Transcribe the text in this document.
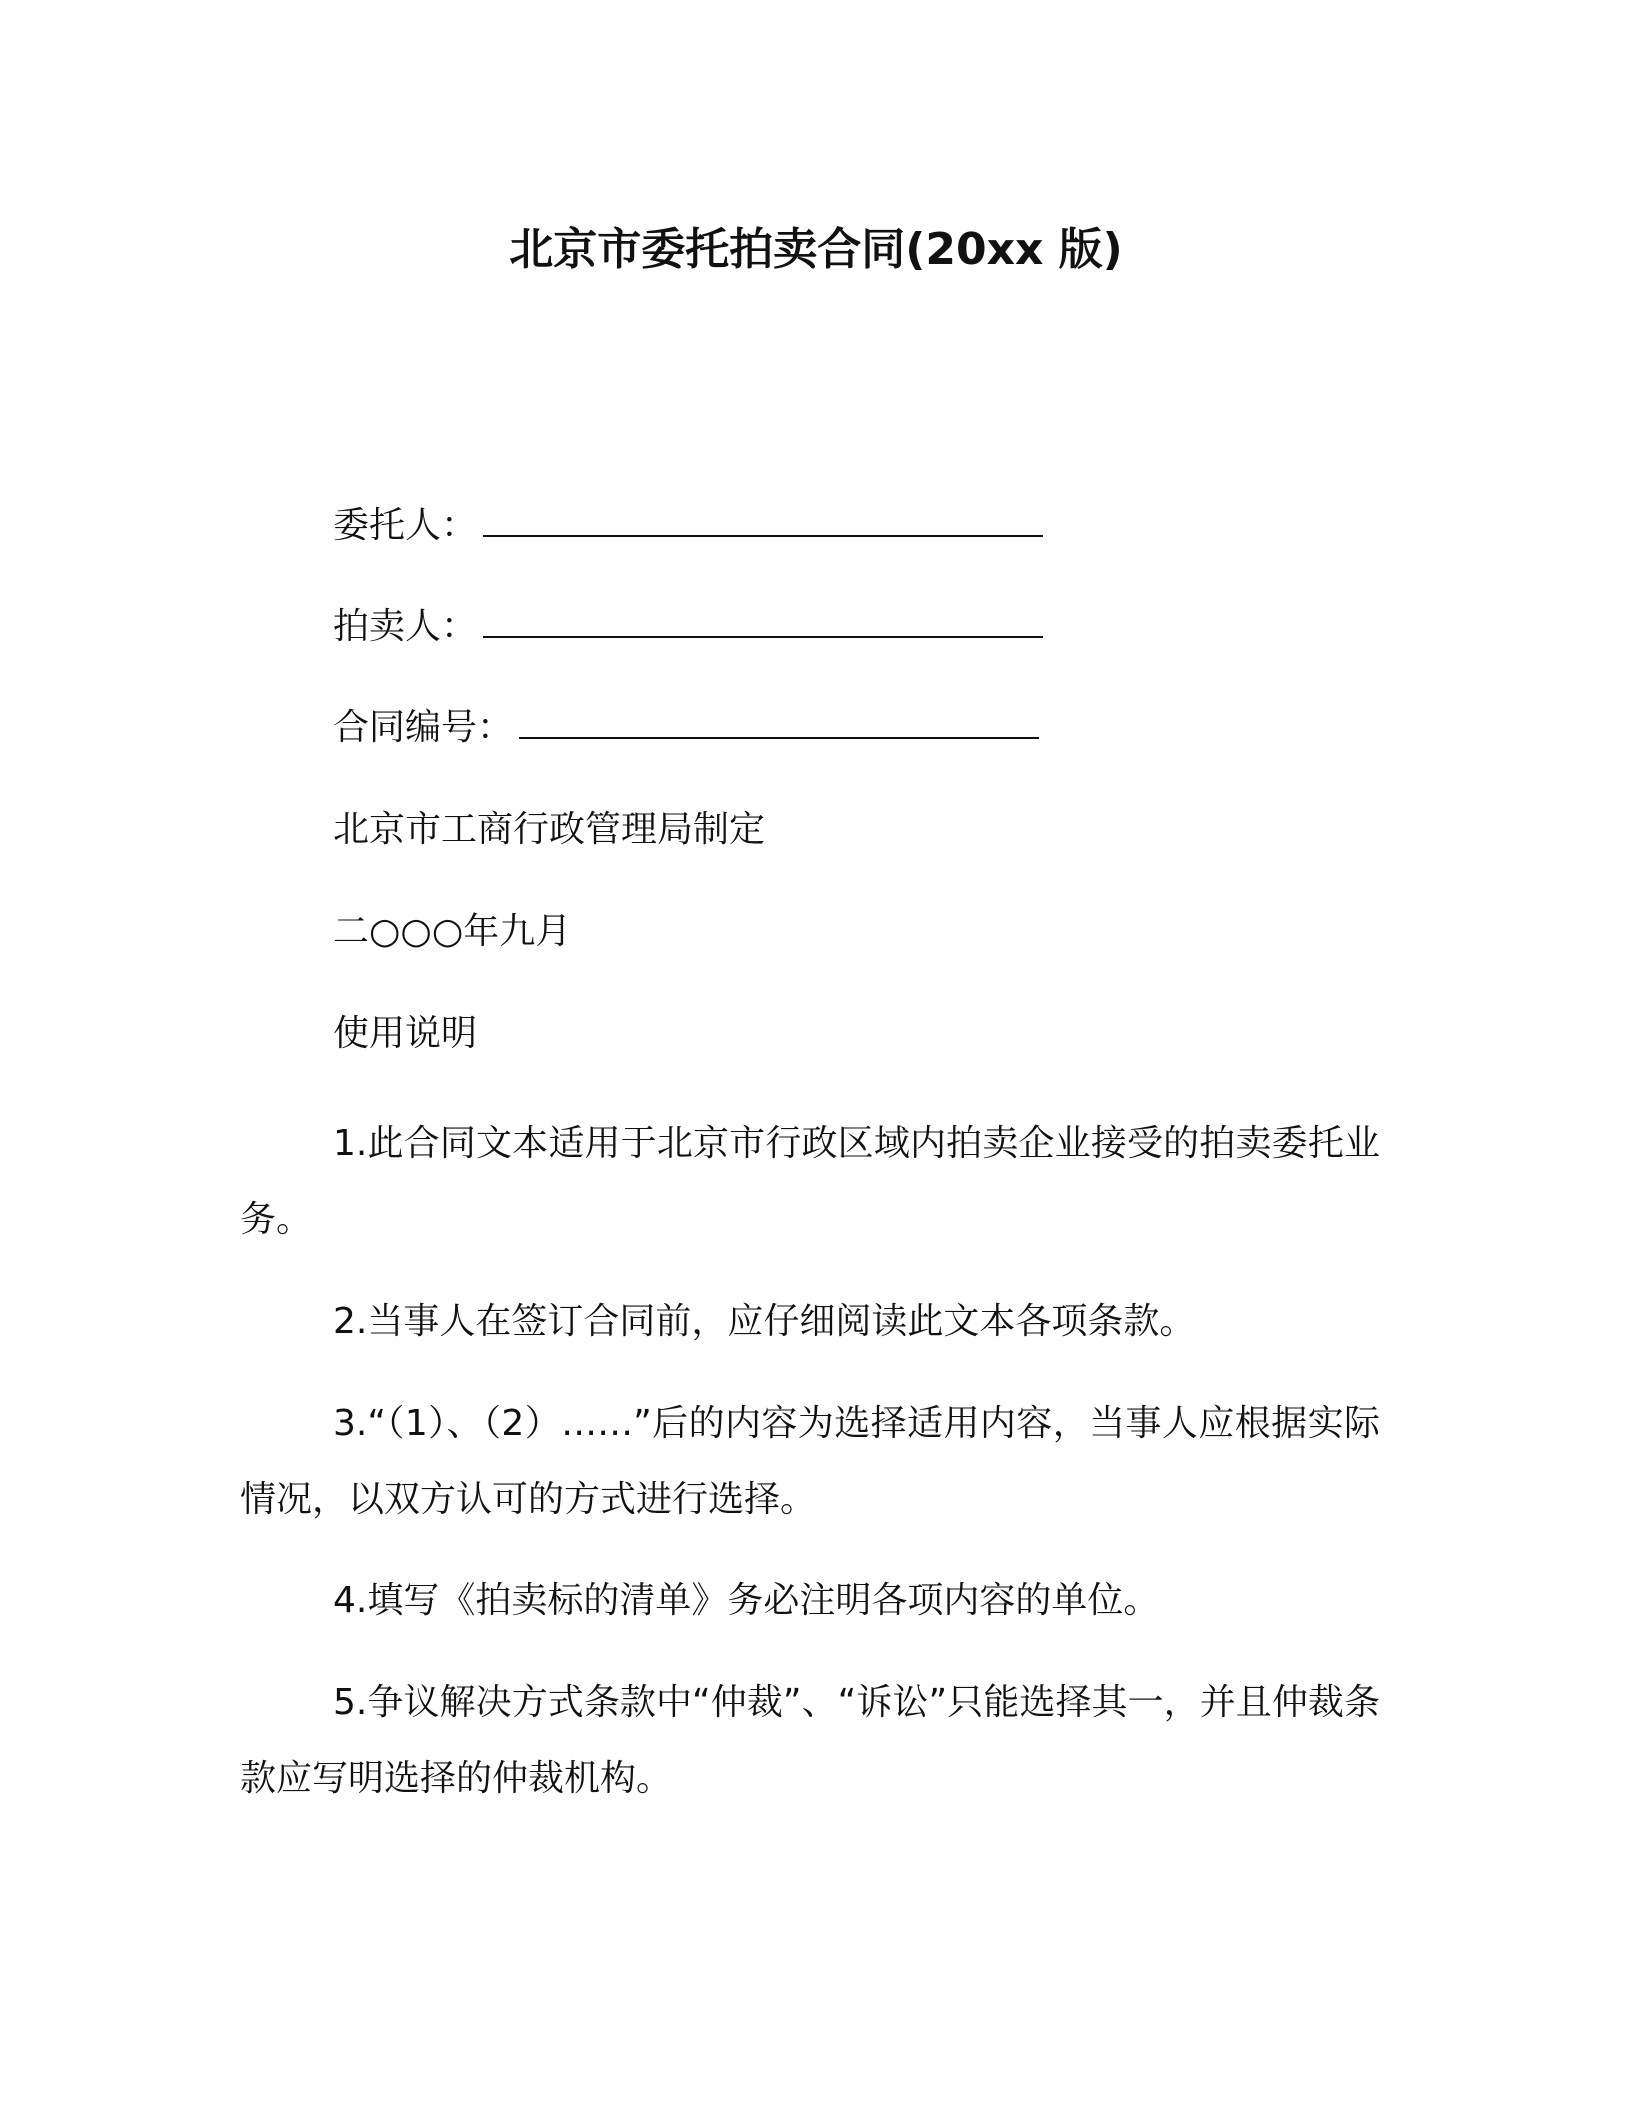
北京市委托拍卖合同(20xx 版)
委托人：
拍卖人：
合同编号：
北京市工商行政管理局制定
二○○○年九月
使用说明
1.此合同文本适用于北京市行政区域内拍卖企业接受的拍卖委托业务。
2.当事人在签订合同前，应仔细阅读此文本各项条款。
3.“（1）、（2）……”后的内容为选择适用内容，当事人应根据实际情况，以双方认可的方式进行选择。
4.填写《拍卖标的清单》务必注明各项内容的单位。
5.争议解决方式条款中“仲裁”、“诉讼”只能选择其一，并且仲裁条款应写明选择的仲裁机构。
